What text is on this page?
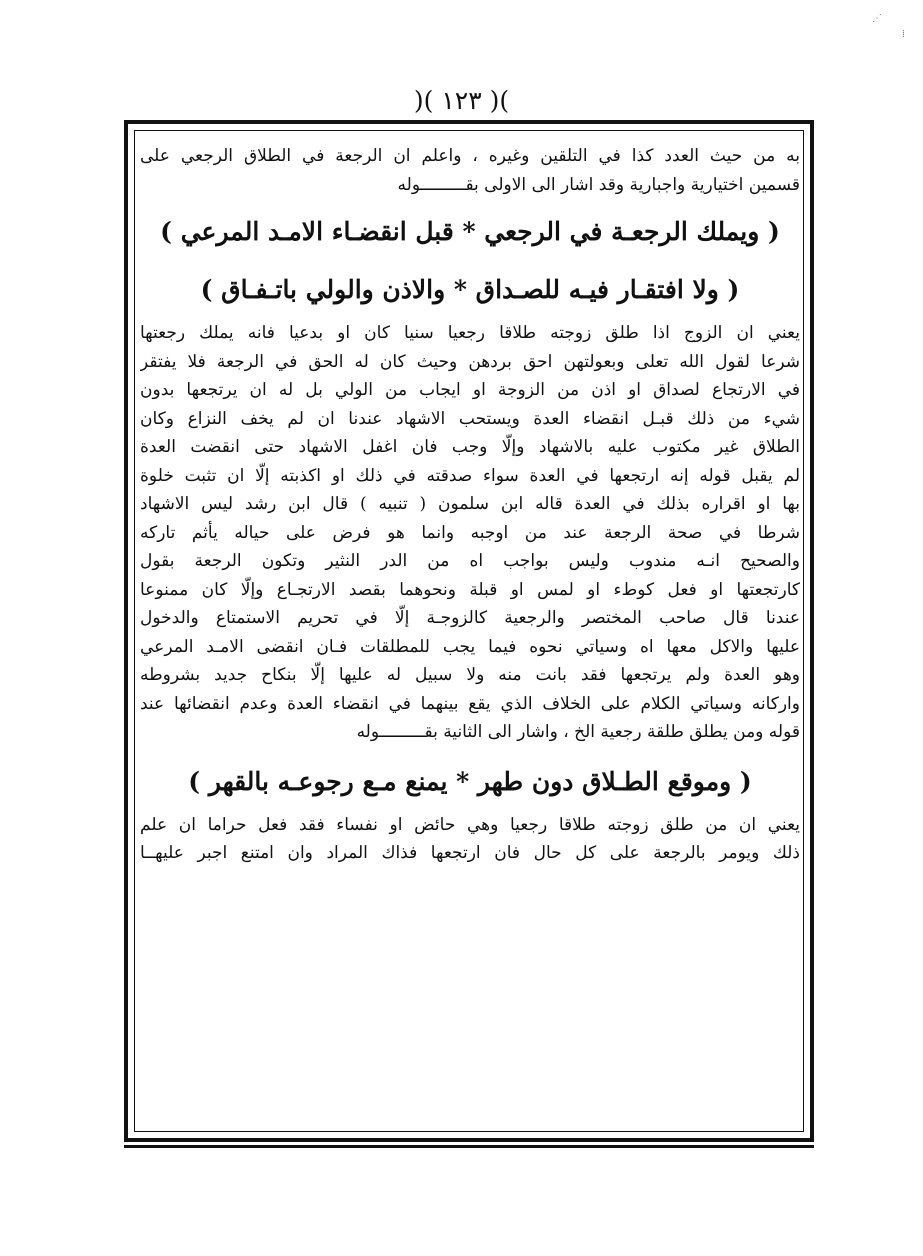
)( ١٢٣ )(
⋰
⁞
به من حيث العدد كذا في التلقين وغيره ، واعلم ان الرجعة في الطلاق الرجعي على
قسمين اختيارية واجبارية وقد اشار الى الاولى بقـــــــــوله
( ويملك الرجعـة في الرجعي * قبل انقضـاء الامـد المرعي )
( ولا افتقـار فيـه للصـداق * والاذن والولي باتـفـاق )
يعني ان الزوج اذا طلق زوجته طلاقا رجعيا سنيا كان او بدعيا فانه يملك رجعتها
شرعا لقول الله تعلى وبعولتهن احق بردهن وحيث كان له الحق في الرجعة فلا يفتقر
في الارتجاع لصداق او اذن من الزوجة او ايجاب من الولي بل له ان يرتجعها بدون
شيء من ذلك قبـل انقضاء العدة ويستحب الاشهاد عندنا ان لم يخف النزاع وكان
الطلاق غير مكتوب عليه بالاشهاد وإلّا وجب فان اغفل الاشهاد حتى انقضت العدة
لم يقبل قوله إنه ارتجعها في العدة سواء صدقته في ذلك او اكذبته إلّا ان تثبت خلوة
بها او اقراره بذلك في العدة قاله ابن سلمون ( تنبيه ) قال ابن رشد ليس الاشهاد
شرطا في صحة الرجعة عند من اوجبه وانما هو فرض على حياله يأثم تاركه
والصحيح انـه مندوب وليس بواجب اه من الدر النثير وتكون الرجعة بقول
كارتجعتها او فعل كوطء او لمس او قبلة ونحوهما بقصد الارتجـاع وإلّا كان ممنوعا
عندنا قال صاحب المختصر والرجعية كالزوجـة إلّا في تحريم الاستمتاع والدخول
عليها والاكل معها اه وسياتي نحوه فيما يجب للمطلقات فـان انقضى الامـد المرعي
وهو العدة ولم يرتجعها فقد بانت منه ولا سبيل له عليها إلّا بنكاح جديد بشروطه
واركانه وسياتي الكلام على الخلاف الذي يقع بينهما في انقضاء العدة وعدم انقضائها عند
قوله ومن يطلق طلقة رجعية الخ ، واشار الى الثانية بقـــــــــوله
( وموقع الطـلاق دون طهر * يمنع مـع رجوعـه بالقهر )
يعني ان من طلق زوجته طلاقا رجعيا وهي حائض او نفساء فقد فعل حراما ان علم
ذلك ويومر بالرجعة على كل حال فان ارتجعها فذاك المراد وان امتنع اجبر عليهــا
